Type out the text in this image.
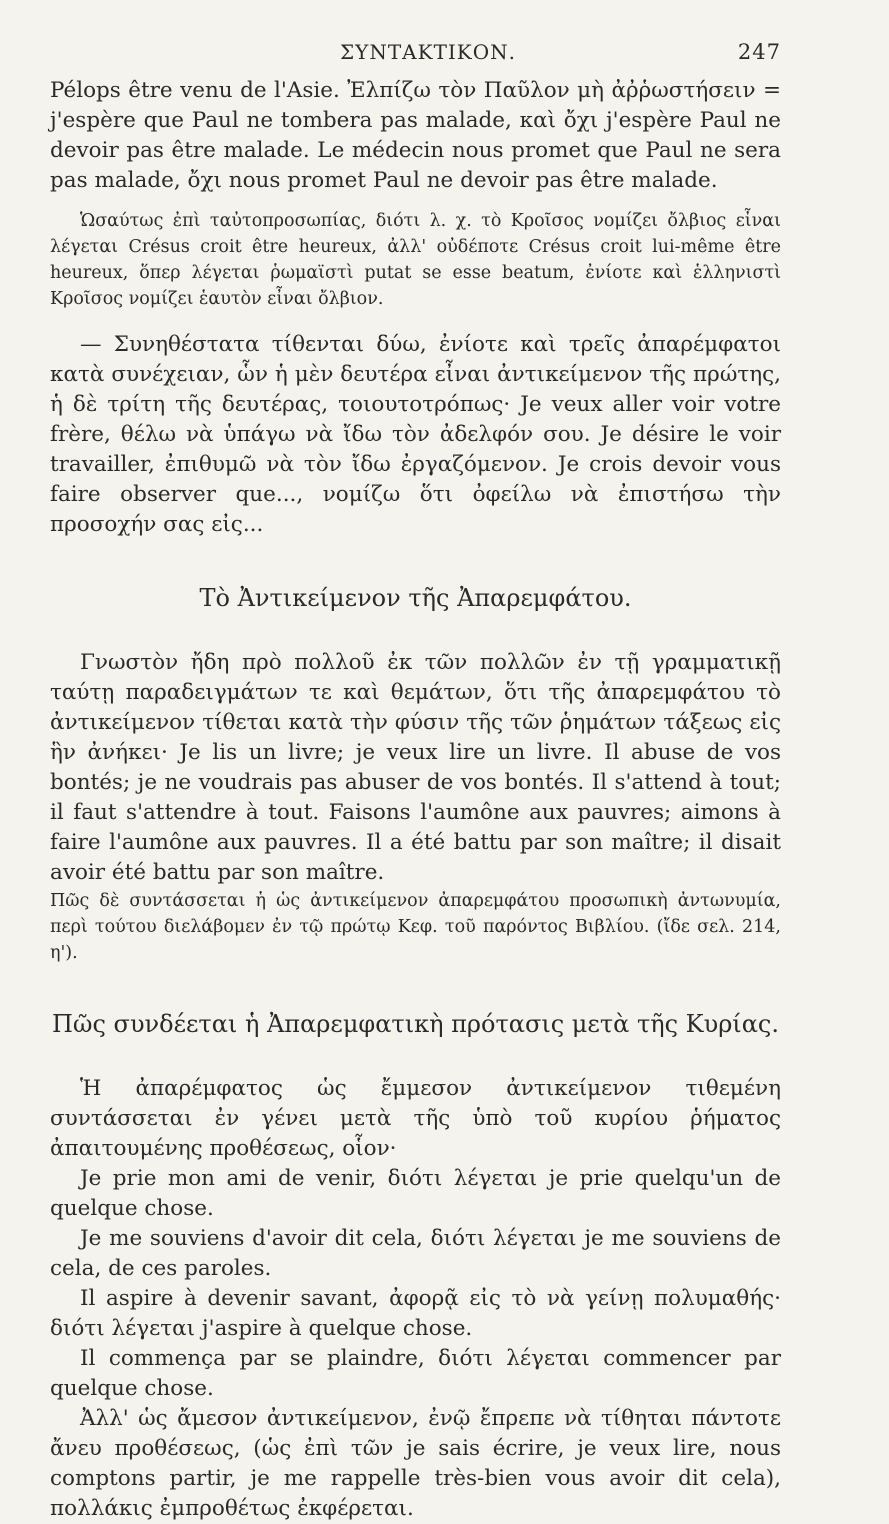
ΣΥΝΤΑΚΤΙΚΟΝ.	247

Pélops être venu de l'Asie. Ἐλπίζω τὸν Παῦλον μὴ ἀῤῥωστήσειν = j'espère que Paul ne tombera pas malade, καὶ ὄχι j'espère Paul ne devoir pas être malade. Le médecin nous promet que Paul ne sera pas malade, ὄχι nous promet Paul ne devoir pas être malade.

Ὡσαύτως ἐπὶ ταὐτοπροσωπίας, διότι λ. χ. τὸ Κροῖσος νομίζει ὄλβιος εἶναι λέγεται Crésus croit être heureux, ἀλλ' οὐδέποτε Crésus croit lui-même être heureux, ὅπερ λέγεται ῥωμαϊστὶ putat se esse beatum, ἐνίοτε καὶ ἑλληνιστὶ Κροῖσος νομίζει ἑαυτὸν εἶναι ὄλβιον.

— Συνηθέστατα τίθενται δύω, ἐνίοτε καὶ τρεῖς ἀπαρέμφατοι κατὰ συνέχειαν, ὧν ἡ μὲν δευτέρα εἶναι ἀντικείμενον τῆς πρώτης, ἡ δὲ τρίτη τῆς δευτέρας, τοιουτοτρόπως· Je veux aller voir votre frère, θέλω νὰ ὑπάγω νὰ ἴδω τὸν ἀδελφόν σου. Je désire le voir travailler, ἐπιθυμῶ νὰ τὸν ἴδω ἐργαζόμενον. Je crois devoir vous faire observer que..., νομίζω ὅτι ὀφείλω νὰ ἐπιστήσω τὴν προσοχήν σας εἰς...

Τὸ Ἀντικείμενον τῆς Ἀπαρεμφάτου.

Γνωστὸν ἤδη πρὸ πολλοῦ ἐκ τῶν πολλῶν ἐν τῇ γραμματικῇ ταύτῃ παραδειγμάτων τε καὶ θεμάτων, ὅτι τῆς ἀπαρεμφάτου τὸ ἀντικείμενον τίθεται κατὰ τὴν φύσιν τῆς τῶν ῥημάτων τάξεως εἰς ἣν ἀνήκει· Je lis un livre; je veux lire un livre. Il abuse de vos bontés; je ne voudrais pas abuser de vos bontés. Il s'attend à tout; il faut s'attendre à tout. Faisons l'aumône aux pauvres; aimons à faire l'aumône aux pauvres. Il a été battu par son maître; il disait avoir été battu par son maître.

Πῶς δὲ συντάσσεται ἡ ὡς ἀντικείμενον ἀπαρεμφάτου προσωπικὴ ἀντωνυμία, περὶ τούτου διελάβομεν ἐν τῷ πρώτῳ Κεφ. τοῦ παρόντος Βιβλίου. (ἴδε σελ. 214, η').

Πῶς συνδέεται ἡ Ἀπαρεμφατικὴ πρότασις μετὰ τῆς Κυρίας.

Ἡ ἀπαρέμφατος ὡς ἔμμεσον ἀντικείμενον τιθεμένη συντάσσεται ἐν γένει μετὰ τῆς ὑπὸ τοῦ κυρίου ῥήματος ἀπαιτουμένης προθέσεως, οἷον·

Je prie mon ami de venir, διότι λέγεται je prie quelqu'un de quelque chose.

Je me souviens d'avoir dit cela, διότι λέγεται je me souviens de cela, de ces paroles.

Il aspire à devenir savant, ἀφορᾷ εἰς τὸ νὰ γείνῃ πολυμαθής· διότι λέγεται j'aspire à quelque chose.

Il commença par se plaindre, διότι λέγεται commencer par quelque chose.

Ἀλλ' ὡς ἄμεσον ἀντικείμενον, ἐνῷ ἔπρεπε νὰ τίθηται πάντοτε ἄνευ προθέσεως, (ὡς ἐπὶ τῶν je sais écrire, je veux lire, nous comptons partir, je me rappelle très-bien vous avoir dit cela), πολλάκις ἐμπροθέτως ἐκφέρεται.
